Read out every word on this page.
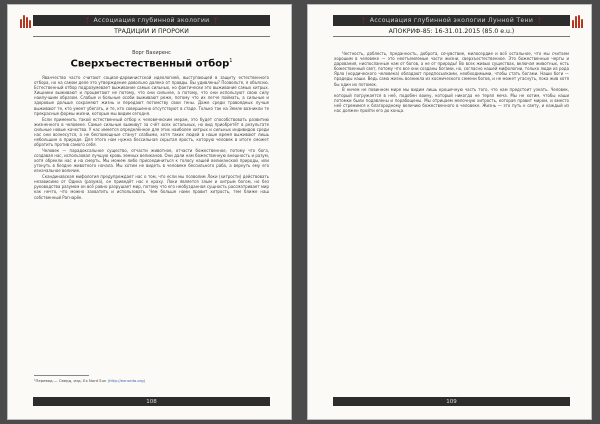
ᛉ Ассоциация глубинной экологии ᛉ
ТРАДИЦИИ И ПРОРОКИ
Ворг Вахиренс
Сверхъестественный отбор$^1$

Яванчество часто считают социал-дарвинистской идеологией, выступающей в защиту естественного отбора, но на самом деле это утверждение довольно далеко от правды. Вы удивлены? Позвольте, я объясню. Естественный отбор подразумевает выживание самых сильных, но фактически это выживание самых хитрых. Хищники выживают и процветают не потому, что они сильнее, а потому, что они используют свою силу наилучшим образом. Слабые и больные особи выживают реже, потому что их легче поймать, а сильные и здоровые дольше сохраняют жизнь и передают потомству свои гены. Даже среди травоядных лучше выживают те, кто умеет убегать, и те, кто совершенно отсутствуют в стаде. Только так на Земле возникли те прекрасные формы жизни, которые мы видим сегодня.

Если применить такой естественный отбор к человеческим мерам, это будет способствовать развитию жизненного в человеке. Самые сильные выживут за счёт всех остальных, но вид приобретёт в результате сильные новые качества. У нас имеется определённое для этих наиболее хитрых и сильных индивидов среди нас они вознесутся, а не беспомощные станут слабыми, хотя таких людей в наше время выживают лишь небольшие в природе. Для этого нам нужна бессильная скрытая ярость, которую человек в итоге сможет обратить против самого себя.

Человек — парадоксальное существо, отчасти животное, отчасти божественное, потому что бога, создавая нас, использовал лучшую кровь земных великанов. Они дали нам божественную внешность и разум, хотя обрекли нас и на смерть. Мы можем либо присоединиться к голосу нашей великанской природы, или утонуть в бездне животного начала. Мы хотим не видеть в человеке бессильного раба, а вернуть ему его изначальное величие.

Скандинавская мифология предупреждает нас о том, что если мы позволим Локи (хитрости) действовать независимо от Одина (разума), он приведёт нас к краху. Локи является злым и хитрым богом, но без руководства разумом он всё равно разрушает мир, потому что его необузданная сущность рассматривает мир как нечто, что можно захватить и использовать. Чем больше нами правит хитрость, тем ближе наш собственный Рагнарёк.

¹Перевод — Сверд, изд. Ex Nord Sun (http://exnorda.org)
108
ᛉ Ассоциация глубинной экологии Лунной Тени ᛉ
АПОКРИФ-85: 16-31.01.2015 (85.0 e.u.)

Честность, доблесть, преданность, доброта, сочувствие, милосердие и всё остальное, что мы считаем хорошим в человеке — это неотъемлемые части жизни, сверхъестественное. Это божественные черты и дарования, ниспосланные нам от богов, а не от природы! Во всех живых существах, включая животных, есть божественный свет, потому что все они созданы богами, но, согласно нашей мифологии, только люди из рода Ярла (нордического человека) обладают предпосылками, необходимыми, чтобы стать богами. Наши боги — прадеды наши. Ведь сама жизнь возникла из космического семени богов, и не может угаснуть, пока жив хотя бы один их потомок.

В ничем не повинном мире мы видим лишь крошечную часть того, что нам предстоит узнать. Человек, который погружается в неё, подобен воину, который никогда не терял меча. Мы не хотим, чтобы наши потомки были подавлены и порабощены. Мы отрицаем мелочную хитрость, которая правит миром, и вместо неё стремимся к благородному величию божественного в человеке. Жизнь — это путь к свету, и каждый из нас должен пройти его до конца.

109
